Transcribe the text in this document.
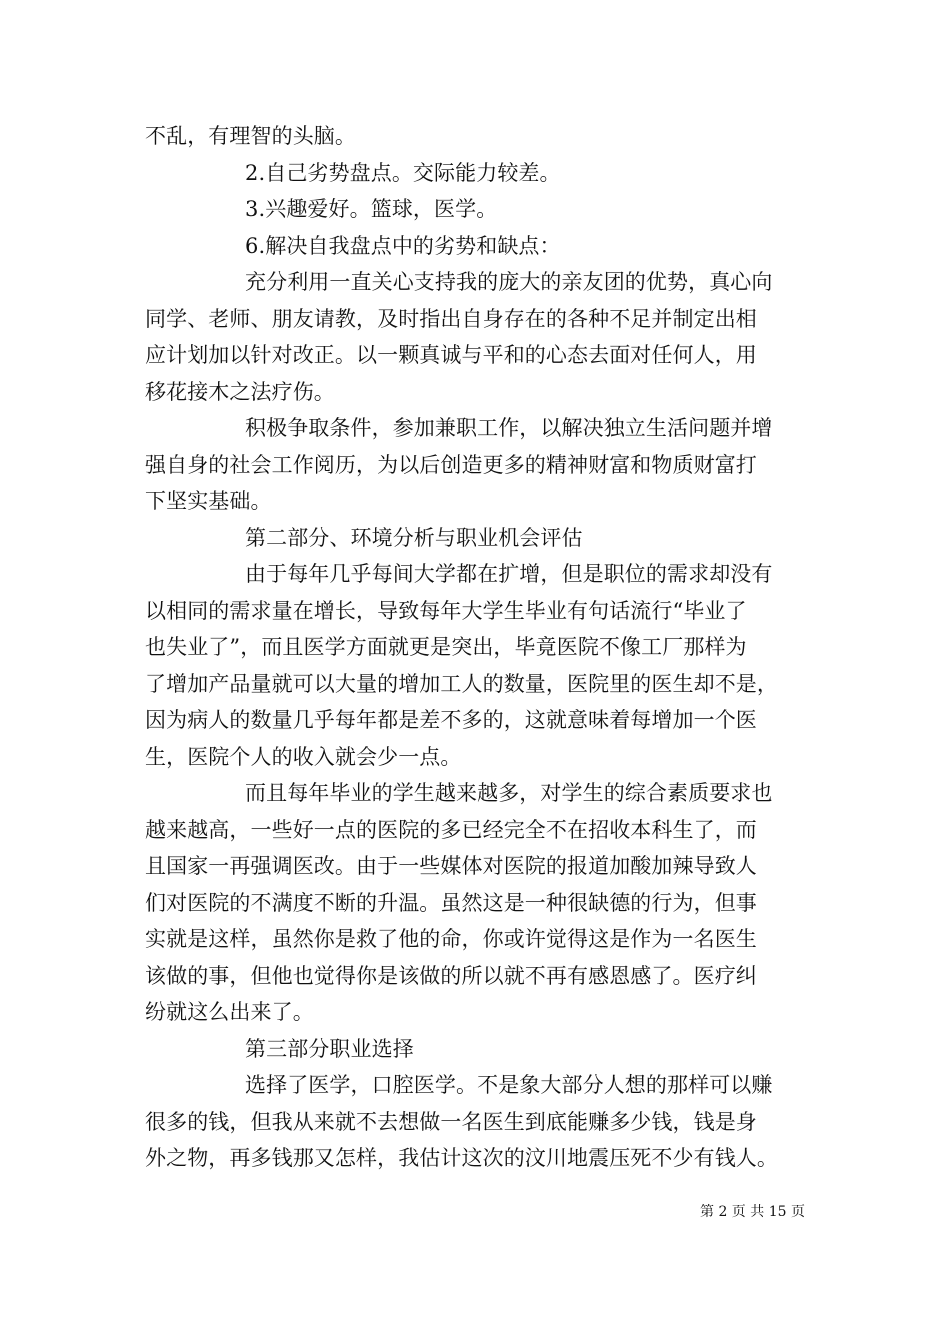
不乱，有理智的头脑。
2.自己劣势盘点。交际能力较差。
3.兴趣爱好。篮球，医学。
6.解决自我盘点中的劣势和缺点：
充分利用一直关心支持我的庞大的亲友团的优势，真心向
同学、老师、朋友请教，及时指出自身存在的各种不足并制定出相
应计划加以针对改正。以一颗真诚与平和的心态去面对任何人，用
移花接木之法疗伤。
积极争取条件，参加兼职工作，以解决独立生活问题并增
强自身的社会工作阅历，为以后创造更多的精神财富和物质财富打
下坚实基础。
第二部分、环境分析与职业机会评估
由于每年几乎每间大学都在扩增，但是职位的需求却没有
以相同的需求量在增长，导致每年大学生毕业有句话流行“毕业了
也失业了”，而且医学方面就更是突出，毕竟医院不像工厂那样为
了增加产品量就可以大量的增加工人的数量，医院里的医生却不是，
因为病人的数量几乎每年都是差不多的，这就意味着每增加一个医
生，医院个人的收入就会少一点。
而且每年毕业的学生越来越多，对学生的综合素质要求也
越来越高，一些好一点的医院的多已经完全不在招收本科生了，而
且国家一再强调医改。由于一些媒体对医院的报道加酸加辣导致人
们对医院的不满度不断的升温。虽然这是一种很缺德的行为，但事
实就是这样，虽然你是救了他的命，你或许觉得这是作为一名医生
该做的事，但他也觉得你是该做的所以就不再有感恩感了。医疗纠
纷就这么出来了。
第三部分职业选择
选择了医学，口腔医学。不是象大部分人想的那样可以赚
很多的钱，但我从来就不去想做一名医生到底能赚多少钱，钱是身
外之物，再多钱那又怎样，我估计这次的汶川地震压死不少有钱人。
第 2 页 共 15 页
